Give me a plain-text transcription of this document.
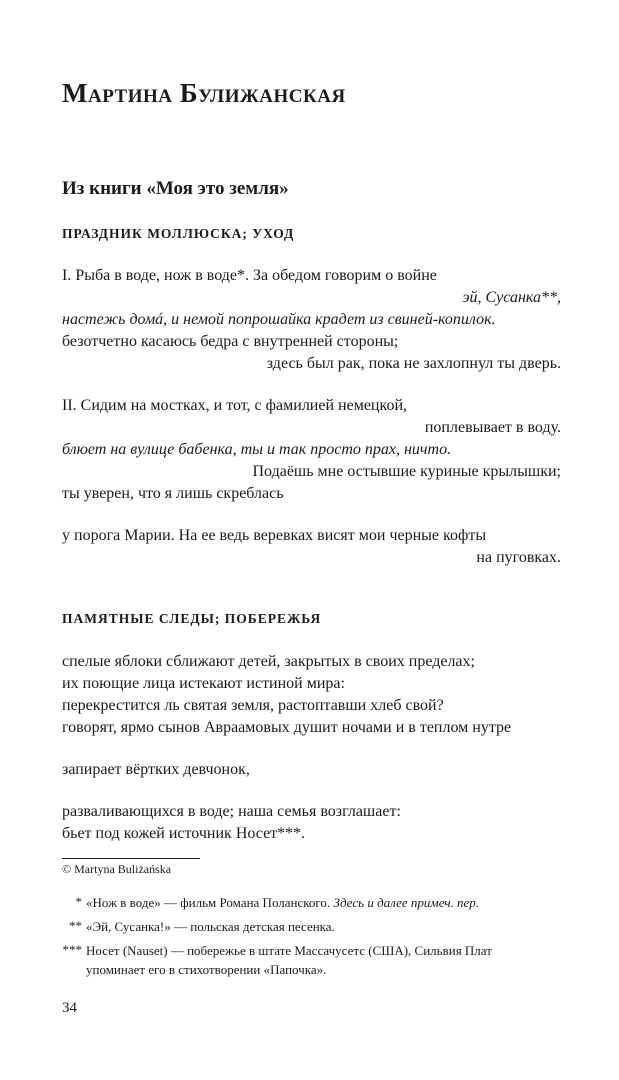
Мартина Булижанская
Из книги «Моя это земля»
ПРАЗДНИК МОЛЛЮСКА; УХОД
I. Рыба в воде, нож в воде*. За обедом говорим о войне
эй, Сусанка**,
настежь домá, и немой попрошайка крадет из свиней-копилок.
безотчетно касаюсь бедра с внутренней стороны;
здесь был рак, пока не захлопнул ты дверь.
II. Сидим на мостках, и тот, с фамилией немецкой,
поплевывает в воду.
блюет на вулице бабенка, ты и так просто прах, ничто.
Подаёшь мне остывшие куриные крылышки;
ты уверен, что я лишь скреблась
у порога Марии. На ее ведь веревках висят мои черные кофты
на пуговках.
ПАМЯТНЫЕ СЛЕДЫ; ПОБЕРЕЖЬЯ
спелые яблоки сближают детей, закрытых в своих пределах;
их поющие лица истекают истиной мира:
перекрестится ль святая земля, растоптавши хлеб свой?
говорят, ярмо сынов Авраамовых душит ночами и в теплом нутре
запирает вёртких девчонок,
разваливающихся в воде; наша семья возглашает:
бьет под кожей источник Носет***.
© Martyna Buliżańska
* «Нож в воде» — фильм Романа Поланского. Здесь и далее примеч. пер.
** «Эй, Сусанка!» — польская детская песенка.
*** Носет (Nauset) — побережье в штате Массачусетс (США), Сильвия Плат
упоминает его в стихотворении «Папочка».
34
